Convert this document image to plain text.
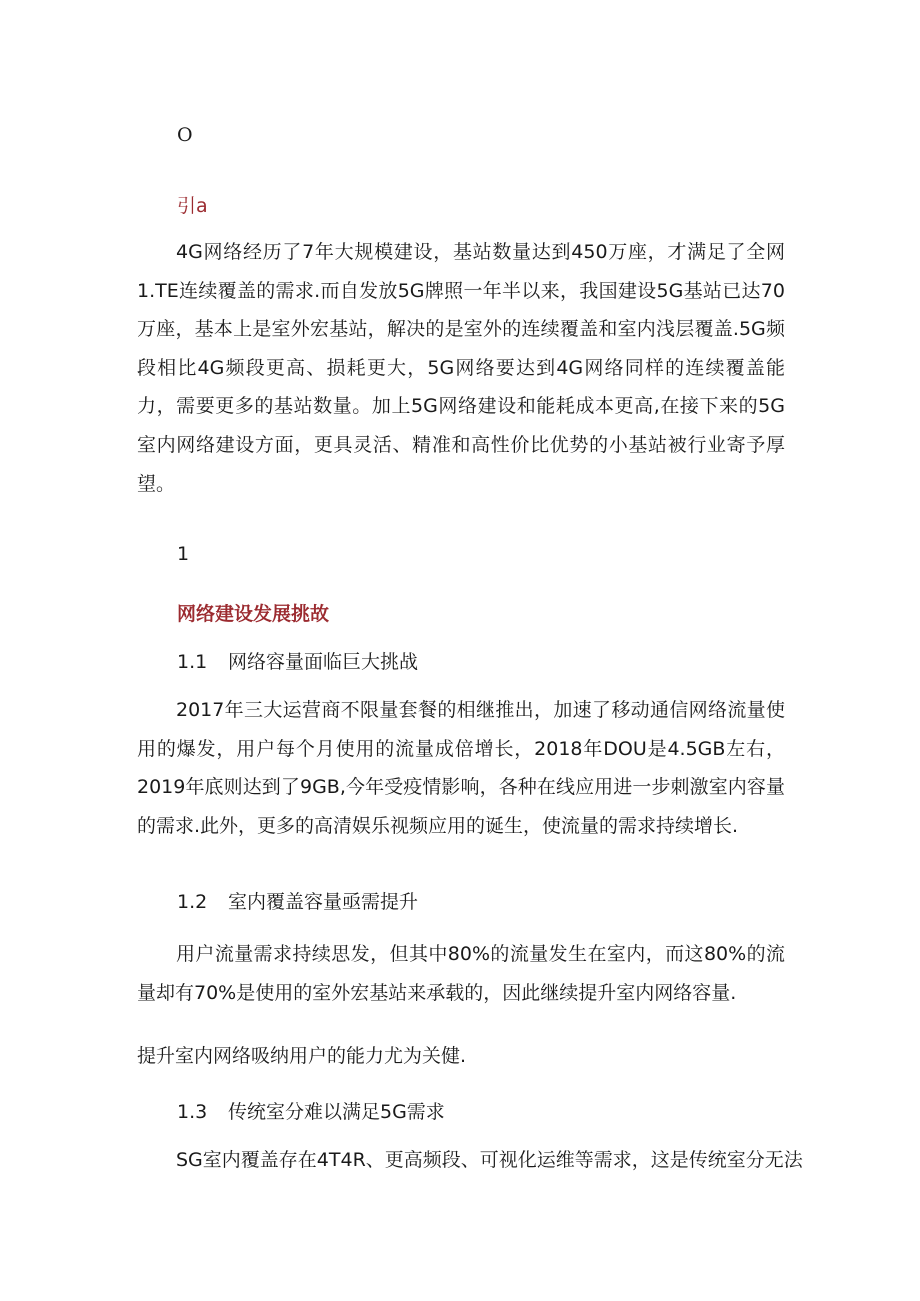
O

引a

4G网络经历了7年大规模建设，基站数量达到450万座，才满足了全网1.TE连续覆盖的需求.而自发放5G牌照一年半以来，我国建设5G基站已达70万座，基本上是室外宏基站，解决的是室外的连续覆盖和室内浅层覆盖.5G频段相比4G频段更高、损耗更大，5G网络要达到4G网络同样的连续覆盖能力，需要更多的基站数量。加上5G网络建设和能耗成本更高,在接下来的5G室内网络建设方面，更具灵活、精准和高性价比优势的小基站被行业寄予厚望。

1

网络建设发展挑故

1.1 网络容量面临巨大挑战

2017年三大运营商不限量套餐的相继推出，加速了移动通信网络流量使用的爆发，用户每个月使用的流量成倍增长，2018年DOU是4.5GB左右，2019年底则达到了9GB,今年受疫情影响，各种在线应用进一步刺激室内容量的需求.此外，更多的高清娱乐视频应用的诞生，使流量的需求持续增长.

1.2 室内覆盖容量亟需提升

用户流量需求持续思发，但其中80%的流量发生在室内，而这80%的流量却有70%是使用的室外宏基站来承载的，因此继续提升室内网络容量.

提升室内网络吸纳用户的能力尤为关健.

1.3 传统室分难以满足5G需求

SG室内覆盖存在4T4R、更高频段、可视化运维等需求，这是传统室分无法
